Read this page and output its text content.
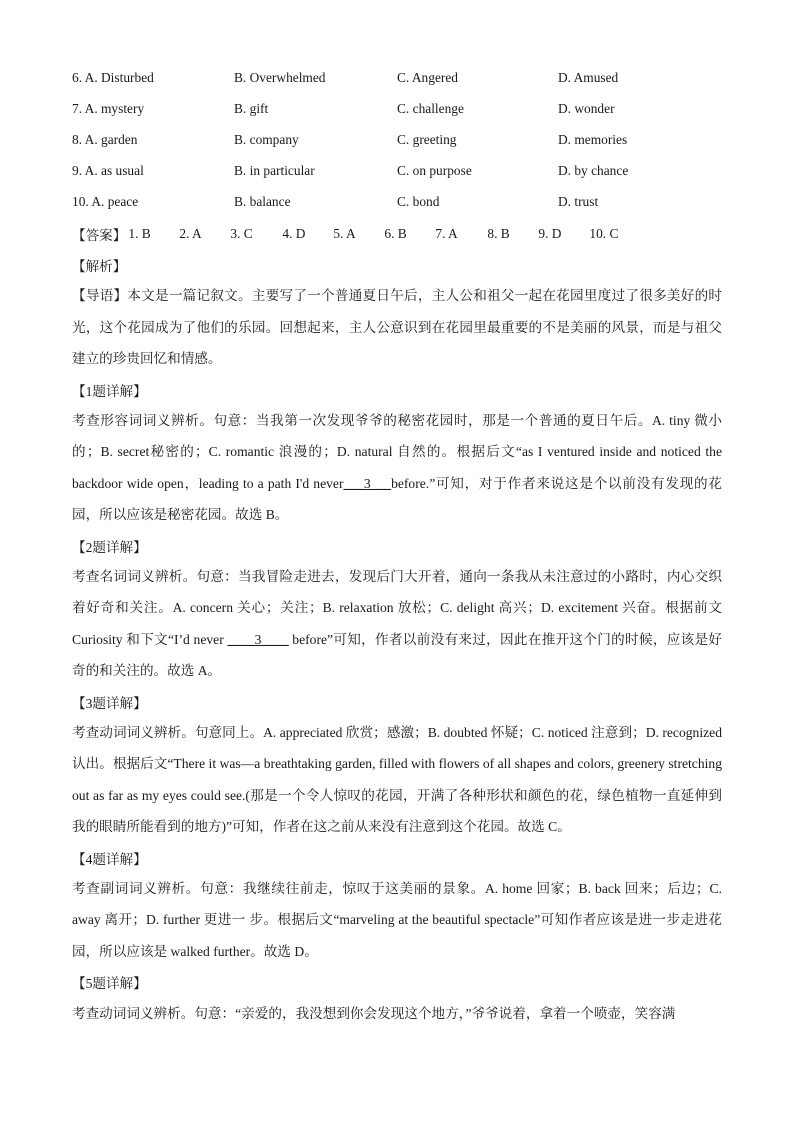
6. A. Disturbed	B. Overwhelmed	C. Angered	D. Amused
7. A. mystery	B. gift	C. challenge	D. wonder
8. A. garden	B. company	C. greeting	D. memories
9. A. as usual	B. in particular	C. on purpose	D. by chance
10. A. peace	B. balance	C. bond	D. trust
【答案】 1. B	2. A	3. C	4. D	5. A	6. B	7. A	8. B	9. D	10. C
【解析】

【导语】本文是一篇记叙文。主要写了一个普通夏日午后，主人公和祖父一起在花园里度过了很多美好的时光，这个花园成为了他们的乐园。回想起来，主人公意识到在花园里最重要的不是美丽的风景，而是与祖父建立的珍贵回忆和情感。

【1题详解】

考查形容词词义辨析。句意：当我第一次发现爷爷的秘密花园时，那是一个普通的夏日午后。A. tiny 微小的；B. secret秘密的；C. romantic 浪漫的；D. natural 自然的。根据后文“as I ventured inside and noticed the backdoor wide open，leading to a path I'd never___3___before.”可知，对于作者来说这是个以前没有发现的花园，所以应该是秘密花园。故选 B。

【2题详解】

考查名词词义辨析。句意：当我冒险走进去，发现后门大开着，通向一条我从未注意过的小路时，内心交织着好奇和关注。A. concern 关心；关注；B. relaxation 放松；C. delight 高兴；D. excitement 兴奋。根据前文 Curiosity 和下文“I’d never ____3____ before”可知，作者以前没有来过，因此在推开这个门的时候，应该是好奇的和关注的。故选 A。

【3题详解】

考查动词词义辨析。句意同上。A. appreciated 欣赏；感激；B. doubted 怀疑；C. noticed 注意到；D. recognized 认出。根据后文“There it was—a breathtaking garden, filled with flowers of all shapes and colors, greenery stretching out as far as my eyes could see.(那是一个令人惊叹的花园，开满了各种形状和颜色的花，绿色植物一直延伸到我的眼睛所能看到的地方)”可知，作者在这之前从来没有注意到这个花园。故选 C。

【4题详解】

考查副词词义辨析。句意：我继续往前走，惊叹于这美丽的景象。A. home 回家；B. back 回来；后边；C. away 离开；D. further 更进一 步。根据后文“marveling at the beautiful spectacle”可知作者应该是进一步走进花园，所以应该是 walked further。故选 D。

【5题详解】

考查动词词义辨析。句意：“亲爱的，我没想到你会发现这个地方，”爷爷说着，拿着一个喷壶，笑容满
